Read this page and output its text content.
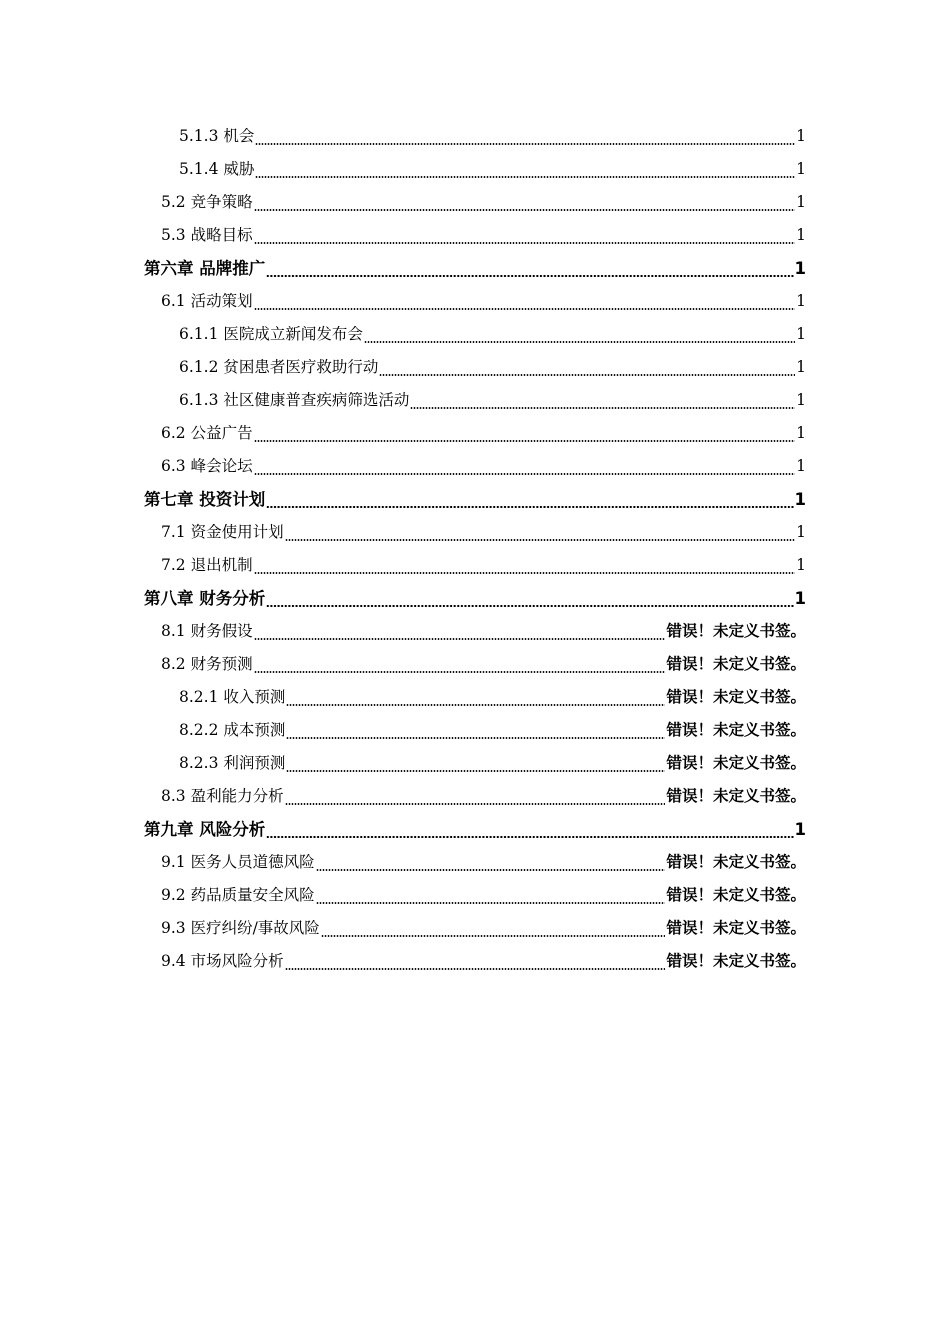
5.1.3 机会	1
5.1.4 威胁	1
5.2 竞争策略	1
5.3 战略目标	1
第六章 品牌推广	1
6.1 活动策划	1
6.1.1 医院成立新闻发布会	1
6.1.2 贫困患者医疗救助行动	1
6.1.3 社区健康普查疾病筛选活动	1
6.2 公益广告	1
6.3 峰会论坛	1
第七章 投资计划	1
7.1 资金使用计划	1
7.2 退出机制	1
第八章 财务分析	1
8.1 财务假设	错误！未定义书签。
8.2 财务预测	错误！未定义书签。
8.2.1 收入预测	错误！未定义书签。
8.2.2 成本预测	错误！未定义书签。
8.2.3 利润预测	错误！未定义书签。
8.3 盈利能力分析	错误！未定义书签。
第九章 风险分析	1
9.1 医务人员道德风险	错误！未定义书签。
9.2 药品质量安全风险	错误！未定义书签。
9.3 医疗纠纷/事故风险	错误！未定义书签。
9.4 市场风险分析	错误！未定义书签。
